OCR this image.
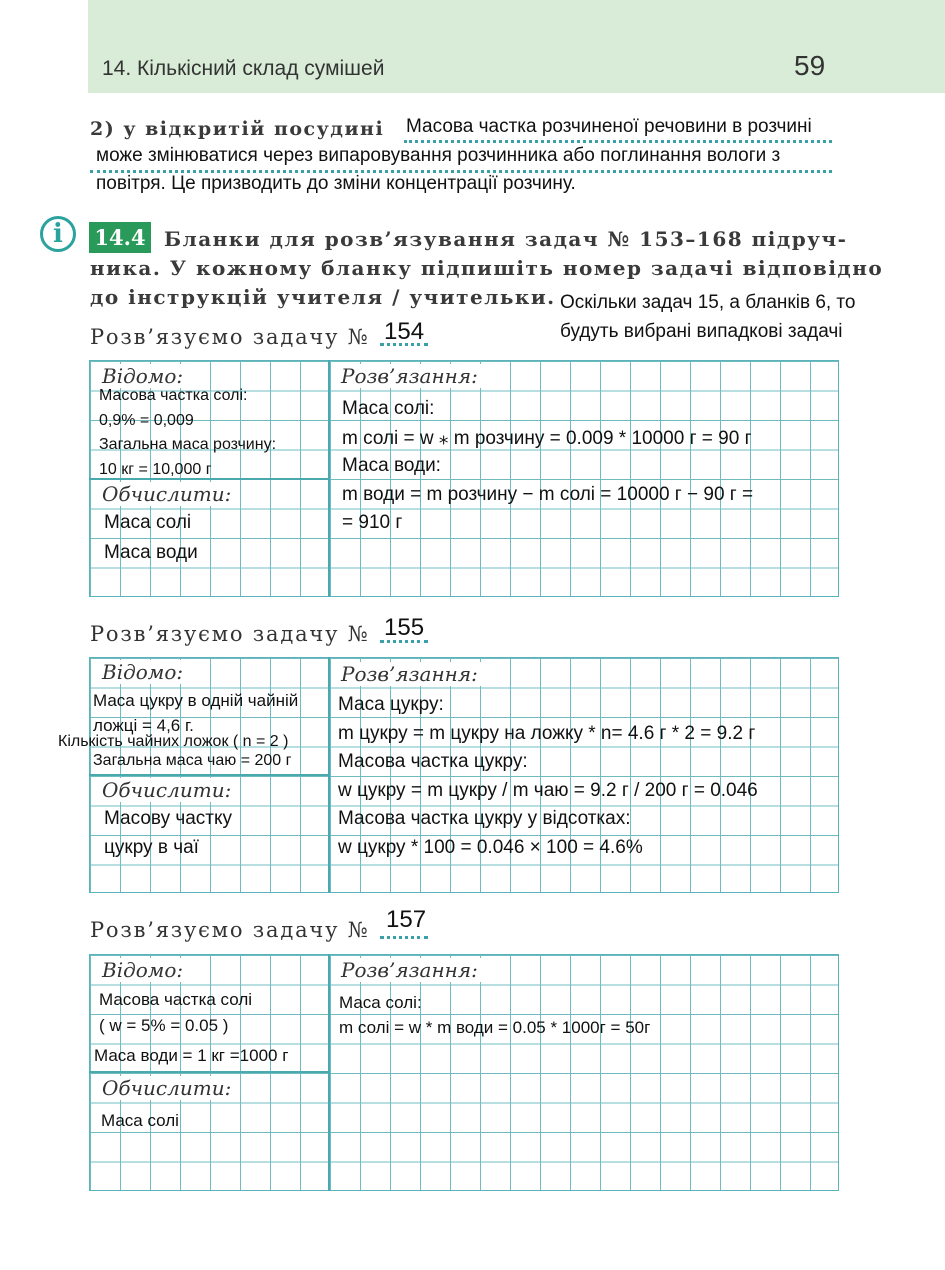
14. Кількісний склад сумішей	59
2) у відкритій посудині Масова частка розчиненої речовини в розчині
може змінюватися через випаровування розчинника або поглинання вологи з
повітря. Це призводить до зміни концентрації розчину.
i	14.4 Бланки для розв’язування задач № 153–168 підруч-
ника. У кожному бланку підпишіть номер задачі відповідно
до інструкцій учителя / учительки. Оскільки задач 15, а бланків 6, то
будуть вибрані випадкові задачі
Розв’язуємо задачу № 154
Відомо:	Розв’язання:
Обчислити:
Масова частка солі:
0,9% = 0,009
Загальна маса розчину:
10 кг = 10,000 г
Маса солі
Маса води
Маса солі:
m солі = w ⁎ m розчину = 0.009 * 10000 г = 90 г
Маса води:
m води = m розчину − m солі = 10000 г − 90 г =
= 910 г
Розв’язуємо задачу № 155
Відомо:	Розв’язання:
Обчислити:
Маса цукру в одній чайній
ложці = 4,6 г.
Кількість чайних ложок ( n = 2 )
Загальна маса чаю = 200 г
Масову частку
цукру в чаї
Маса цукру:
m цукру = m цукру на ложку * n= 4.6 г * 2 = 9.2 г
Масова частка цукру:
w цукру = m цукру / m чаю = 9.2 г / 200 г = 0.046
Масова частка цукру у відсотках:
w цукру * 100 = 0.046 × 100 = 4.6%
Розв’язуємо задачу № 157
Відомо:	Розв’язання:
Обчислити:
Масова частка солі
( w = 5% = 0.05 )
Маса води = 1 кг =1000 г
Маса солі
Маса солі:
m солі = w * m води = 0.05 * 1000г = 50г
